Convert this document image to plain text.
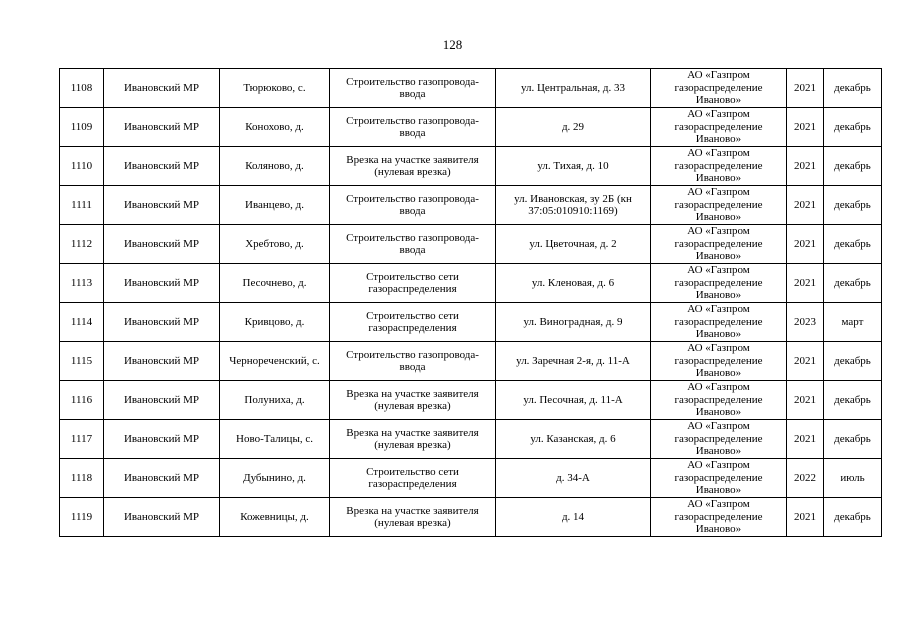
128
1108	Ивановский МР	Тюрюково, с.	Строительство газопровода-
ввода	ул. Центральная, д. 33	АО «Газпром
газораспределение
Иваново»	2021	декабрь
1109	Ивановский МР	Конохово, д.	Строительство газопровода-
ввода	д. 29	АО «Газпром
газораспределение
Иваново»	2021	декабрь
1110	Ивановский МР	Коляново, д.	Врезка на участке заявителя
(нулевая врезка)	ул. Тихая, д. 10	АО «Газпром
газораспределение
Иваново»	2021	декабрь
1111	Ивановский МР	Иванцево, д.	Строительство газопровода-
ввода	ул. Ивановская, зу 2Б (кн
37:05:010910:1169)	АО «Газпром
газораспределение
Иваново»	2021	декабрь
1112	Ивановский МР	Хребтово, д.	Строительство газопровода-
ввода	ул. Цветочная, д. 2	АО «Газпром
газораспределение
Иваново»	2021	декабрь
1113	Ивановский МР	Песочнево, д.	Строительство сети
газораспределения	ул. Кленовая, д. 6	АО «Газпром
газораспределение
Иваново»	2021	декабрь
1114	Ивановский МР	Кривцово, д.	Строительство сети
газораспределения	ул. Виноградная, д. 9	АО «Газпром
газораспределение
Иваново»	2023	март
1115	Ивановский МР	Чернореченский, с.	Строительство газопровода-
ввода	ул. Заречная 2-я, д. 11-А	АО «Газпром
газораспределение
Иваново»	2021	декабрь
1116	Ивановский МР	Полуниха, д.	Врезка на участке заявителя
(нулевая врезка)	ул. Песочная, д. 11-А	АО «Газпром
газораспределение
Иваново»	2021	декабрь
1117	Ивановский МР	Ново-Талицы, с.	Врезка на участке заявителя
(нулевая врезка)	ул. Казанская, д. 6	АО «Газпром
газораспределение
Иваново»	2021	декабрь
1118	Ивановский МР	Дубынино, д.	Строительство сети
газораспределения	д. 34-А	АО «Газпром
газораспределение
Иваново»	2022	июль
1119	Ивановский МР	Кожевницы, д.	Врезка на участке заявителя
(нулевая врезка)	д. 14	АО «Газпром
газораспределение
Иваново»	2021	декабрь
